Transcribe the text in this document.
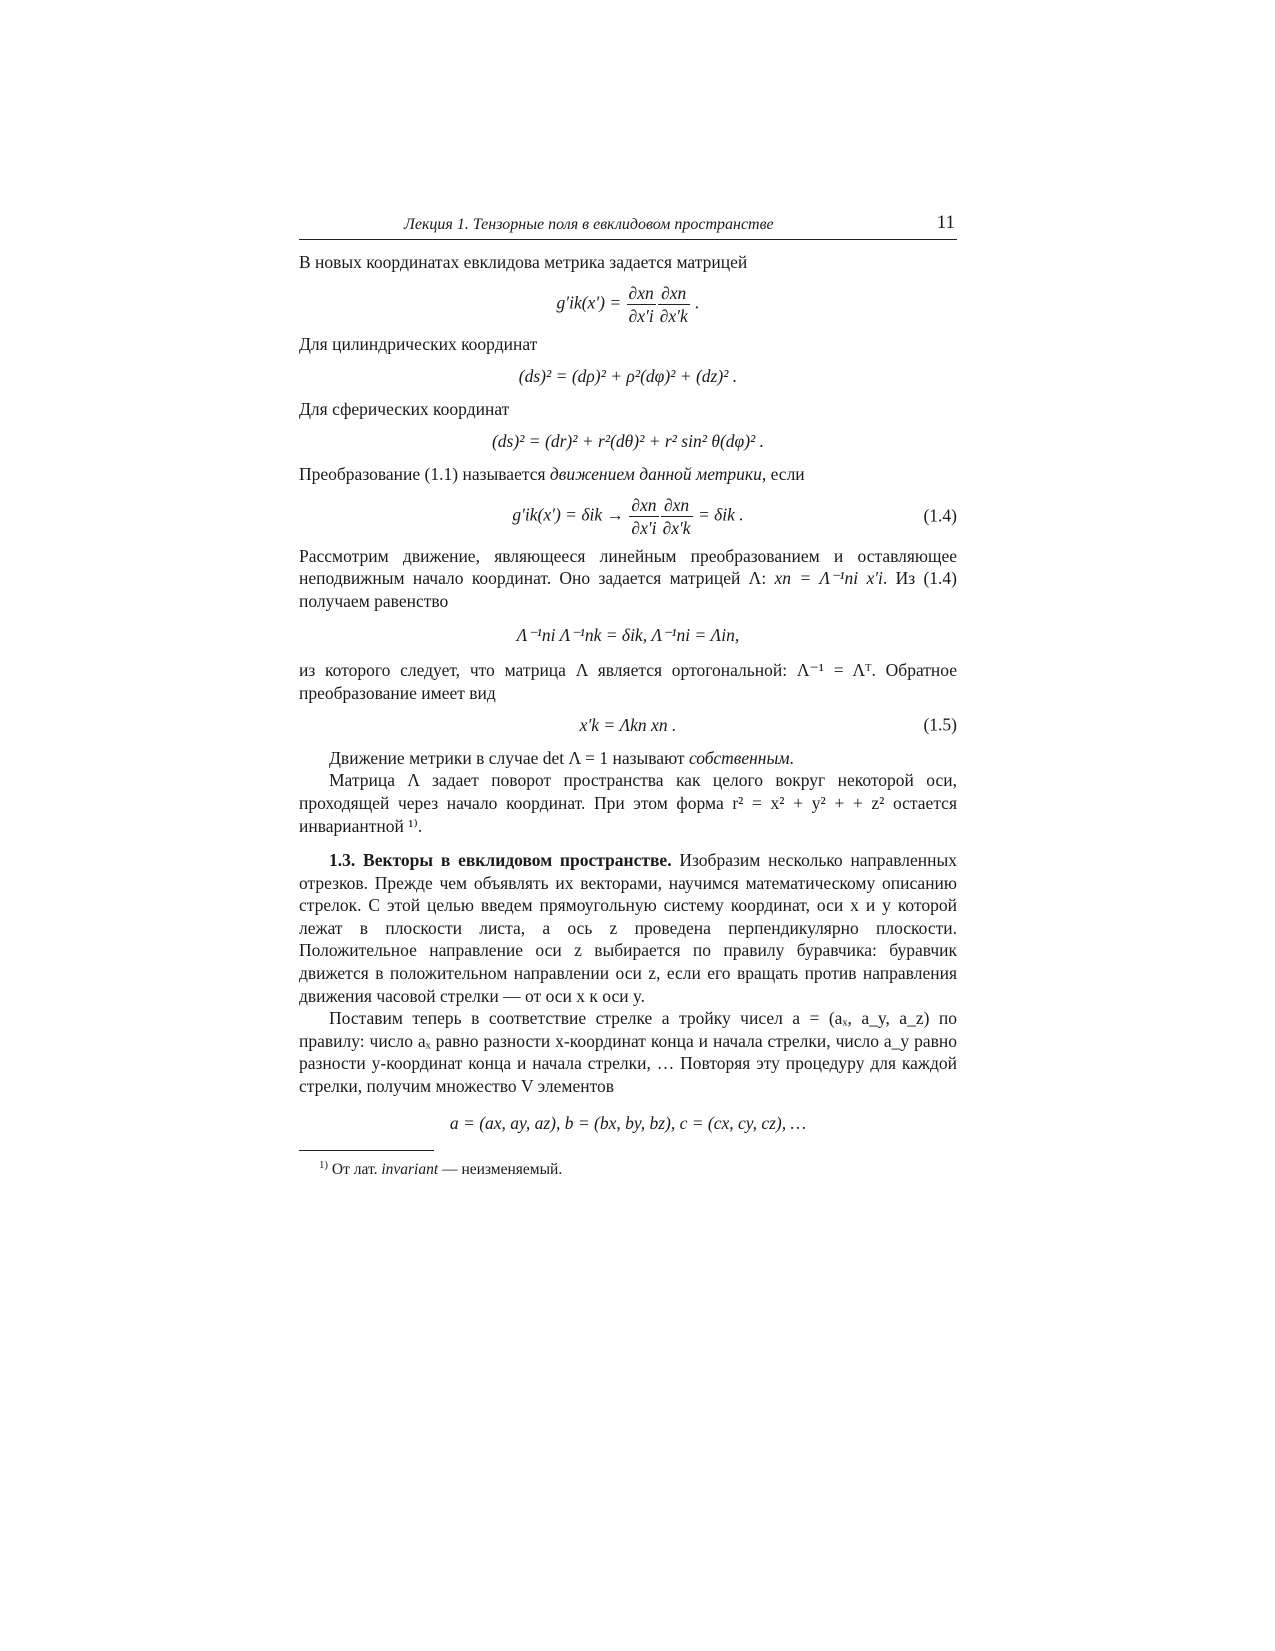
Лекция 1. Тензорные поля в евклидовом пространстве	11

В новых координатах евклидова метрика задается матрицей

$g'ik(x') = \frac{\partial xn}{\partial x'i} \frac{\partial xn}{\partial x'k}$ .

Для цилиндрических координат

(ds)² = (dρ)² + ρ²(dφ)² + (dz)² .

Для сферических координат

(ds)² = (dr)² + r²(dθ)² + r² sin² θ(dφ)² .

Преобразование (1.1) называется движением данной метрики, если

$g'ik(x') = \delta ik \to \frac{\partial xn}{\partial x'i} \frac{\partial xn}{\partial x'k} = \delta ik$ .	(1.4)

Рассмотрим движение, являющееся линейным преобразованием и оставляющее неподвижным начало координат. Оно задается матрицей Λ: xn = Λ⁻¹ni x′i. Из (1.4) получаем равенство

Λ⁻¹ni Λ⁻¹nk = δik, Λ⁻¹ni = Λin,

из которого следует, что матрица Λ является ортогональной: Λ⁻¹ = Λᵀ. Обратное преобразование имеет вид

x′k = Λkn xn .	(1.5)

Движение метрики в случае det Λ = 1 называют собственным.

Матрица Λ задает поворот пространства как целого вокруг некоторой оси, проходящей через начало координат. При этом форма r² = x² + y² + + z² остается инвариантной ¹⁾.

1.3. Векторы в евклидовом пространстве. Изобразим несколько направленных отрезков. Прежде чем объявлять их векторами, научимся математическому описанию стрелок. С этой целью введем прямоугольную систему координат, оси x и y которой лежат в плоскости листа, а ось z проведена перпендикулярно плоскости. Положительное направление оси z выбирается по правилу буравчика: буравчик движется в положительном направлении оси z, если его вращать против направления движения часовой стрелки — от оси x к оси y.

Поставим теперь в соответствие стрелке a тройку чисел a = (aₓ, a_y, a_z) по правилу: число aₓ равно разности x-координат конца и начала стрелки, число a_y равно разности y-координат конца и начала стрелки, … Повторяя эту процедуру для каждой стрелки, получим множество V элементов

a = (ax, ay, az), b = (bx, by, bz), c = (cx, cy, cz), …
$^{1)}$ От лат. invariant — неизменяемый.
